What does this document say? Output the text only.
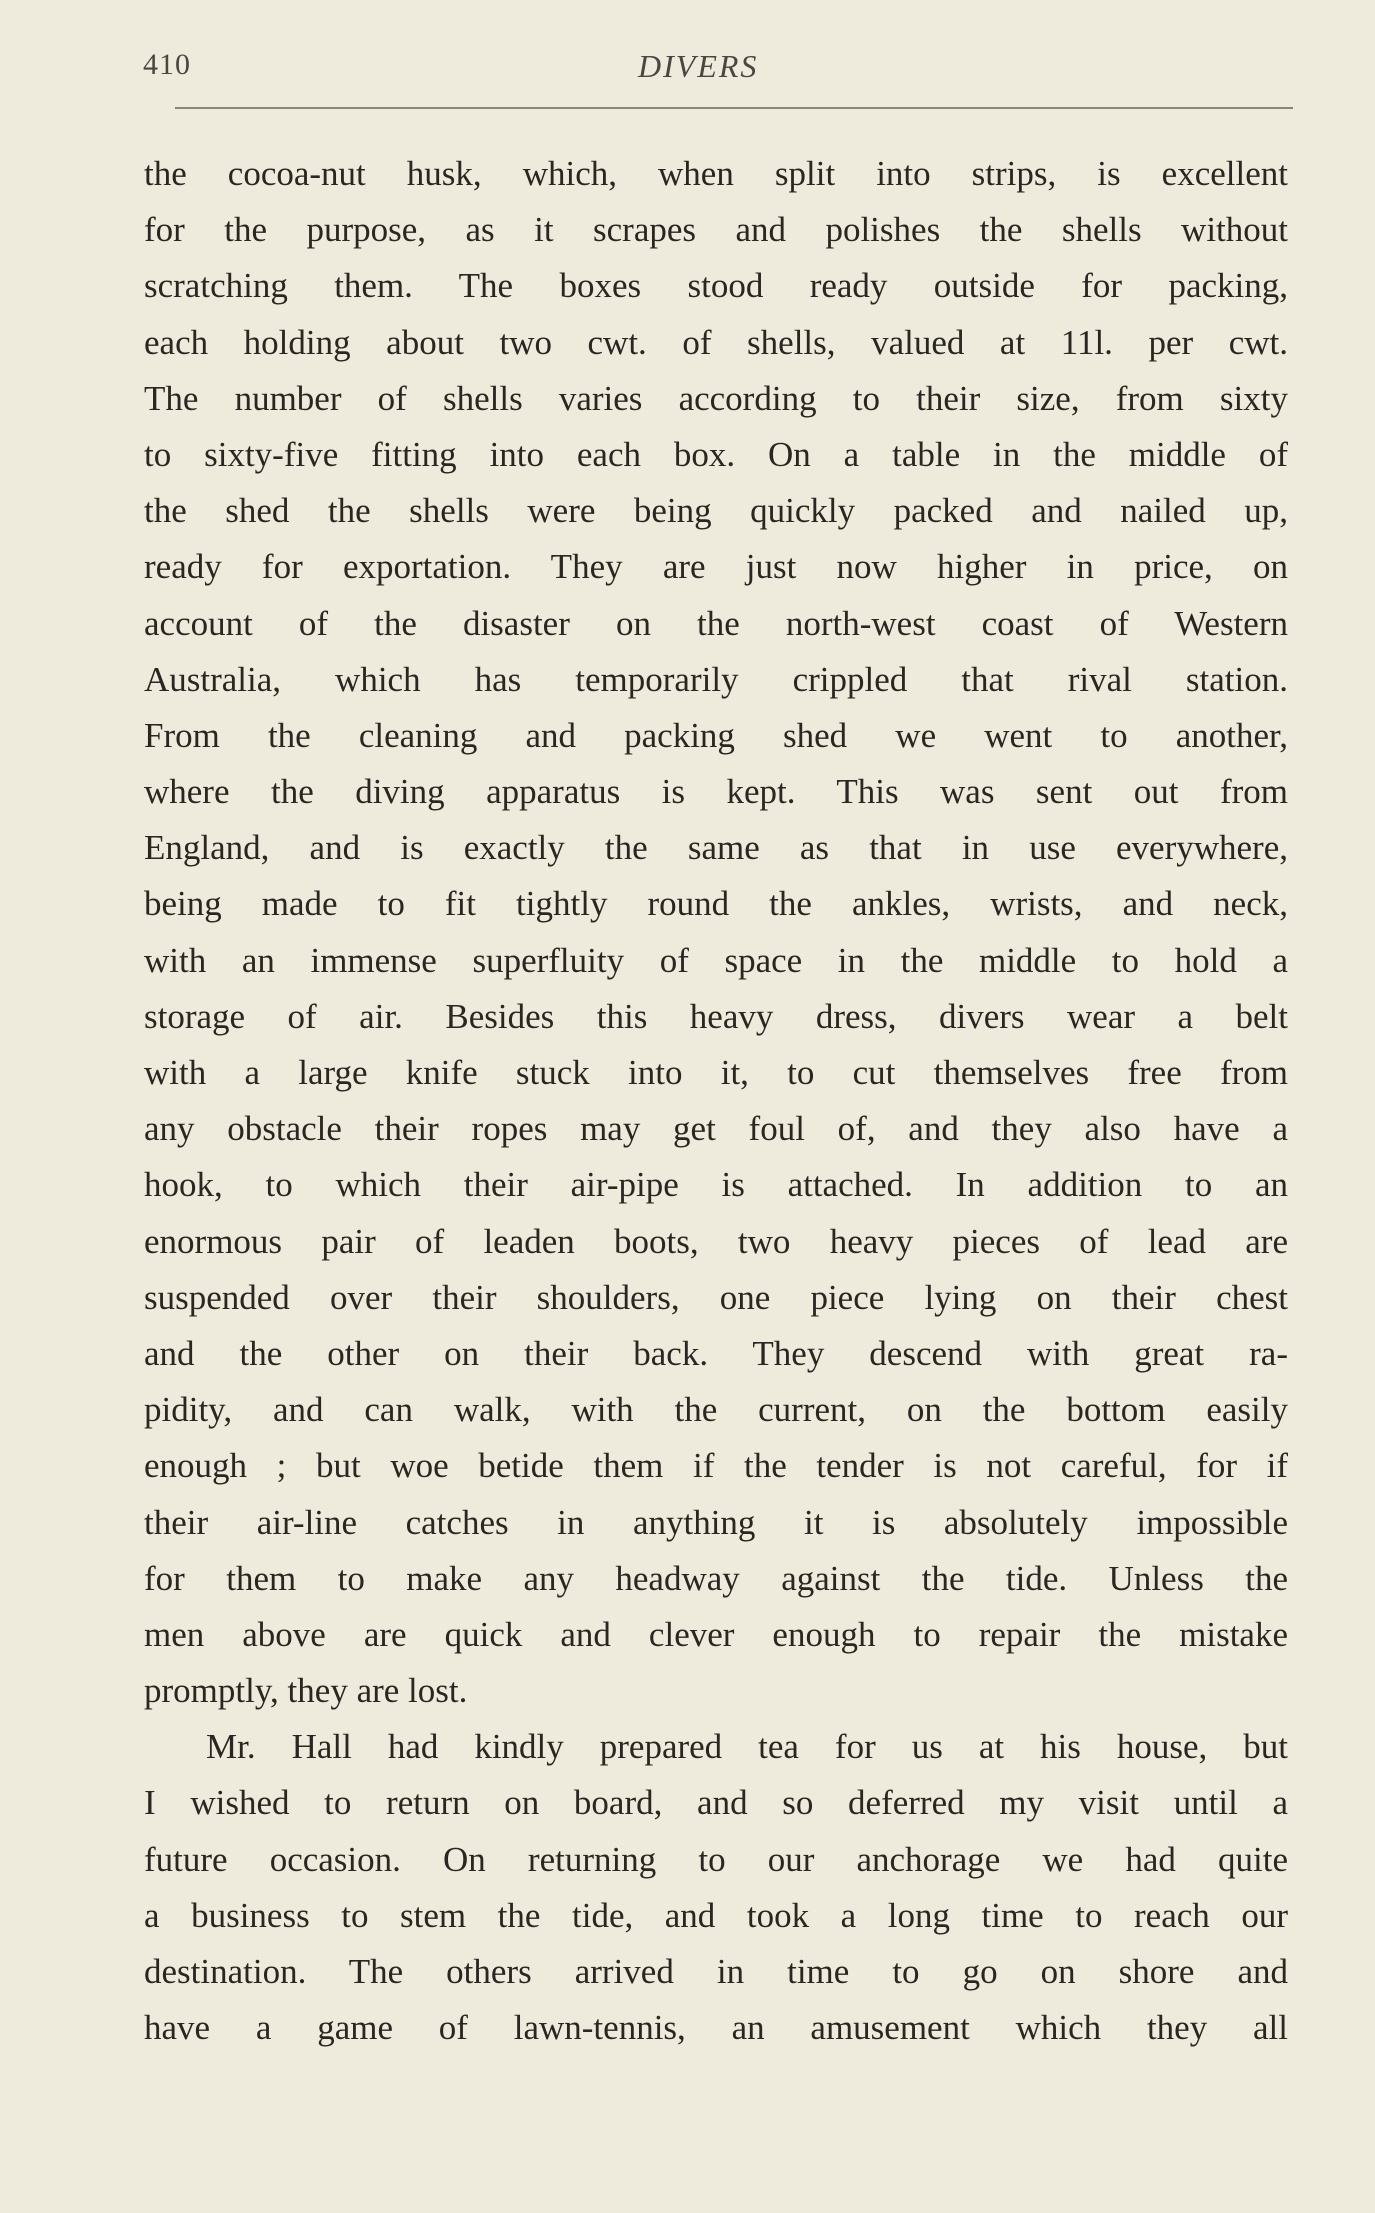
410	DIVERS
the cocoa-nut husk, which, when split into strips, is excellent
for the purpose, as it scrapes and polishes the shells without
scratching them. The boxes stood ready outside for packing,
each holding about two cwt. of shells, valued at 11l. per cwt.
The number of shells varies according to their size, from sixty
to sixty-five fitting into each box. On a table in the middle of
the shed the shells were being quickly packed and nailed up,
ready for exportation. They are just now higher in price, on
account of the disaster on the north-west coast of Western
Australia, which has temporarily crippled that rival station.
From the cleaning and packing shed we went to another,
where the diving apparatus is kept. This was sent out from
England, and is exactly the same as that in use everywhere,
being made to fit tightly round the ankles, wrists, and neck,
with an immense superfluity of space in the middle to hold a
storage of air. Besides this heavy dress, divers wear a belt
with a large knife stuck into it, to cut themselves free from
any obstacle their ropes may get foul of, and they also have a
hook, to which their air-pipe is attached. In addition to an
enormous pair of leaden boots, two heavy pieces of lead are
suspended over their shoulders, one piece lying on their chest
and the other on their back. They descend with great ra-
pidity, and can walk, with the current, on the bottom easily
enough ; but woe betide them if the tender is not careful, for if
their air-line catches in anything it is absolutely impossible
for them to make any headway against the tide. Unless the
men above are quick and clever enough to repair the mistake
promptly, they are lost.
Mr. Hall had kindly prepared tea for us at his house, but
I wished to return on board, and so deferred my visit until a
future occasion. On returning to our anchorage we had quite
a business to stem the tide, and took a long time to reach our
destination. The others arrived in time to go on shore and
have a game of lawn-tennis, an amusement which they all
